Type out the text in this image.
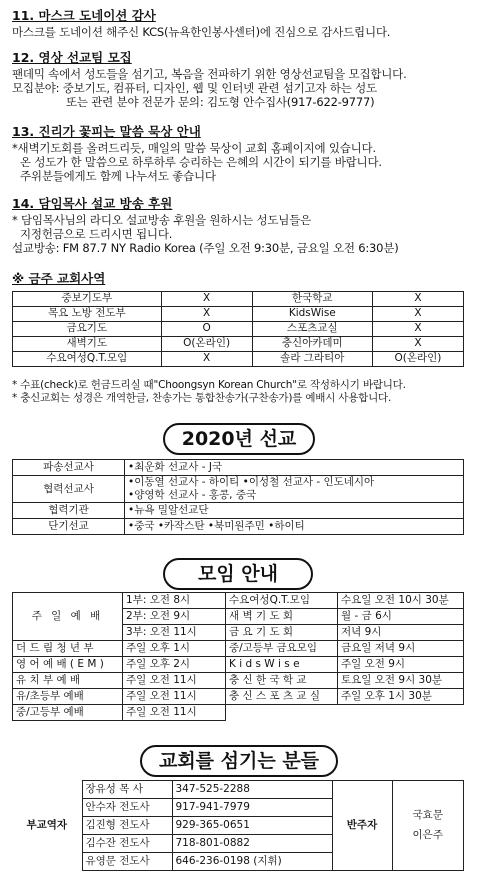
11. 마스크 도네이션 감사
마스크를 도네이션 해주신 KCS(뉴욕한인봉사센터)에 진심으로 감사드립니다.
12. 영상 선교팀 모집
팬데믹 속에서 성도들을 섬기고, 복음을 전파하기 위한 영상선교팀을 모집합니다.
모집분야: 중보기도, 컴퓨터, 디자인, 웹 및 인터넷 관련 섬기고자 하는 성도
또는 관련 분야 전문가 문의: 김도형 안수집사(917-622-9777)
13. 진리가 꽃피는 말씀 묵상 안내
*새벽기도회를 올려드리듯, 매일의 말씀 묵상이 교회 홈페이지에 있습니다.
온 성도가 한 말씀으로 하루하루 승리하는 은혜의 시간이 되기를 바랍니다.
주위분들에게도 함께 나누셔도 좋습니다
14. 담임목사 설교 방송 후원
* 담임목사님의 라디오 설교방송 후원을 원하시는 성도님들은
지정헌금으로 드리시면 됩니다.
설교방송: FM 87.7 NY Radio Korea (주일 오전 9:30분, 금요일 오전 6:30분)
※ 금주 교회사역
중보기도부	X	한국학교	X
목요 노방 전도부	X	KidsWise	X
금요기도	O	스포츠교실	X
새벽기도	O(온라인)	충신아카데미	X
수요여성Q.T.모임	X	솔라 그라티아	O(온라인)
* 수표(check)로 헌금드리실 때"Choongsyn Korean Church"로 작성하시기 바랍니다.
* 충신교회는 성경은 개역한글, 찬송가는 통합찬송가(구찬송가)를 예배시 사용합니다.
2020년 선교
파송선교사	•최운화 선교사 - J국
협력선교사	•이동열 선교사 - 하이티 •이성철 선교사 - 인도네시아
•양영학 선교사 - 홍콩, 중국

협력기관	•뉴욕 밀알선교단
단기선교	•중국 •카작스탄 •북미원주민 •하이티
모임 안내
주 일 예 배	1부: 오전 8시	수요여성Q.T.모임	수요일 오전 10시 30분
	2부: 오전 9시	새 벽 기 도 회	월 - 금 6시
	3부: 오전 11시	금 요 기 도 회	저녁 9시
더 드 림 청 년 부	주일 오후 1시	중/고등부 금요모임	금요일 저녁 9시
영 어 예 배 ( E M )	주일 오후 2시	K i d s W i s e	주일 오전 9시
유 치 부 예 배	주일 오전 11시	충 신 한 국 학 교	토요일 오전 9시 30분
유/초등부 예배	주일 오전 11시	충 신 스 포 츠 교 실	주일 오후 1시 30분
중/고등부 예배	주일 오전 11시		
교회를 섬기는 분들
부교역자	장유성 목 사	347-525-2288	반주자	국효문
이은주

	안수자 전도사	917-941-7979		
	김진형 전도사	929-365-0651		
	김수잔 전도사	718-801-0882		
	유영문 전도사	646-236-0198 (지휘)		
